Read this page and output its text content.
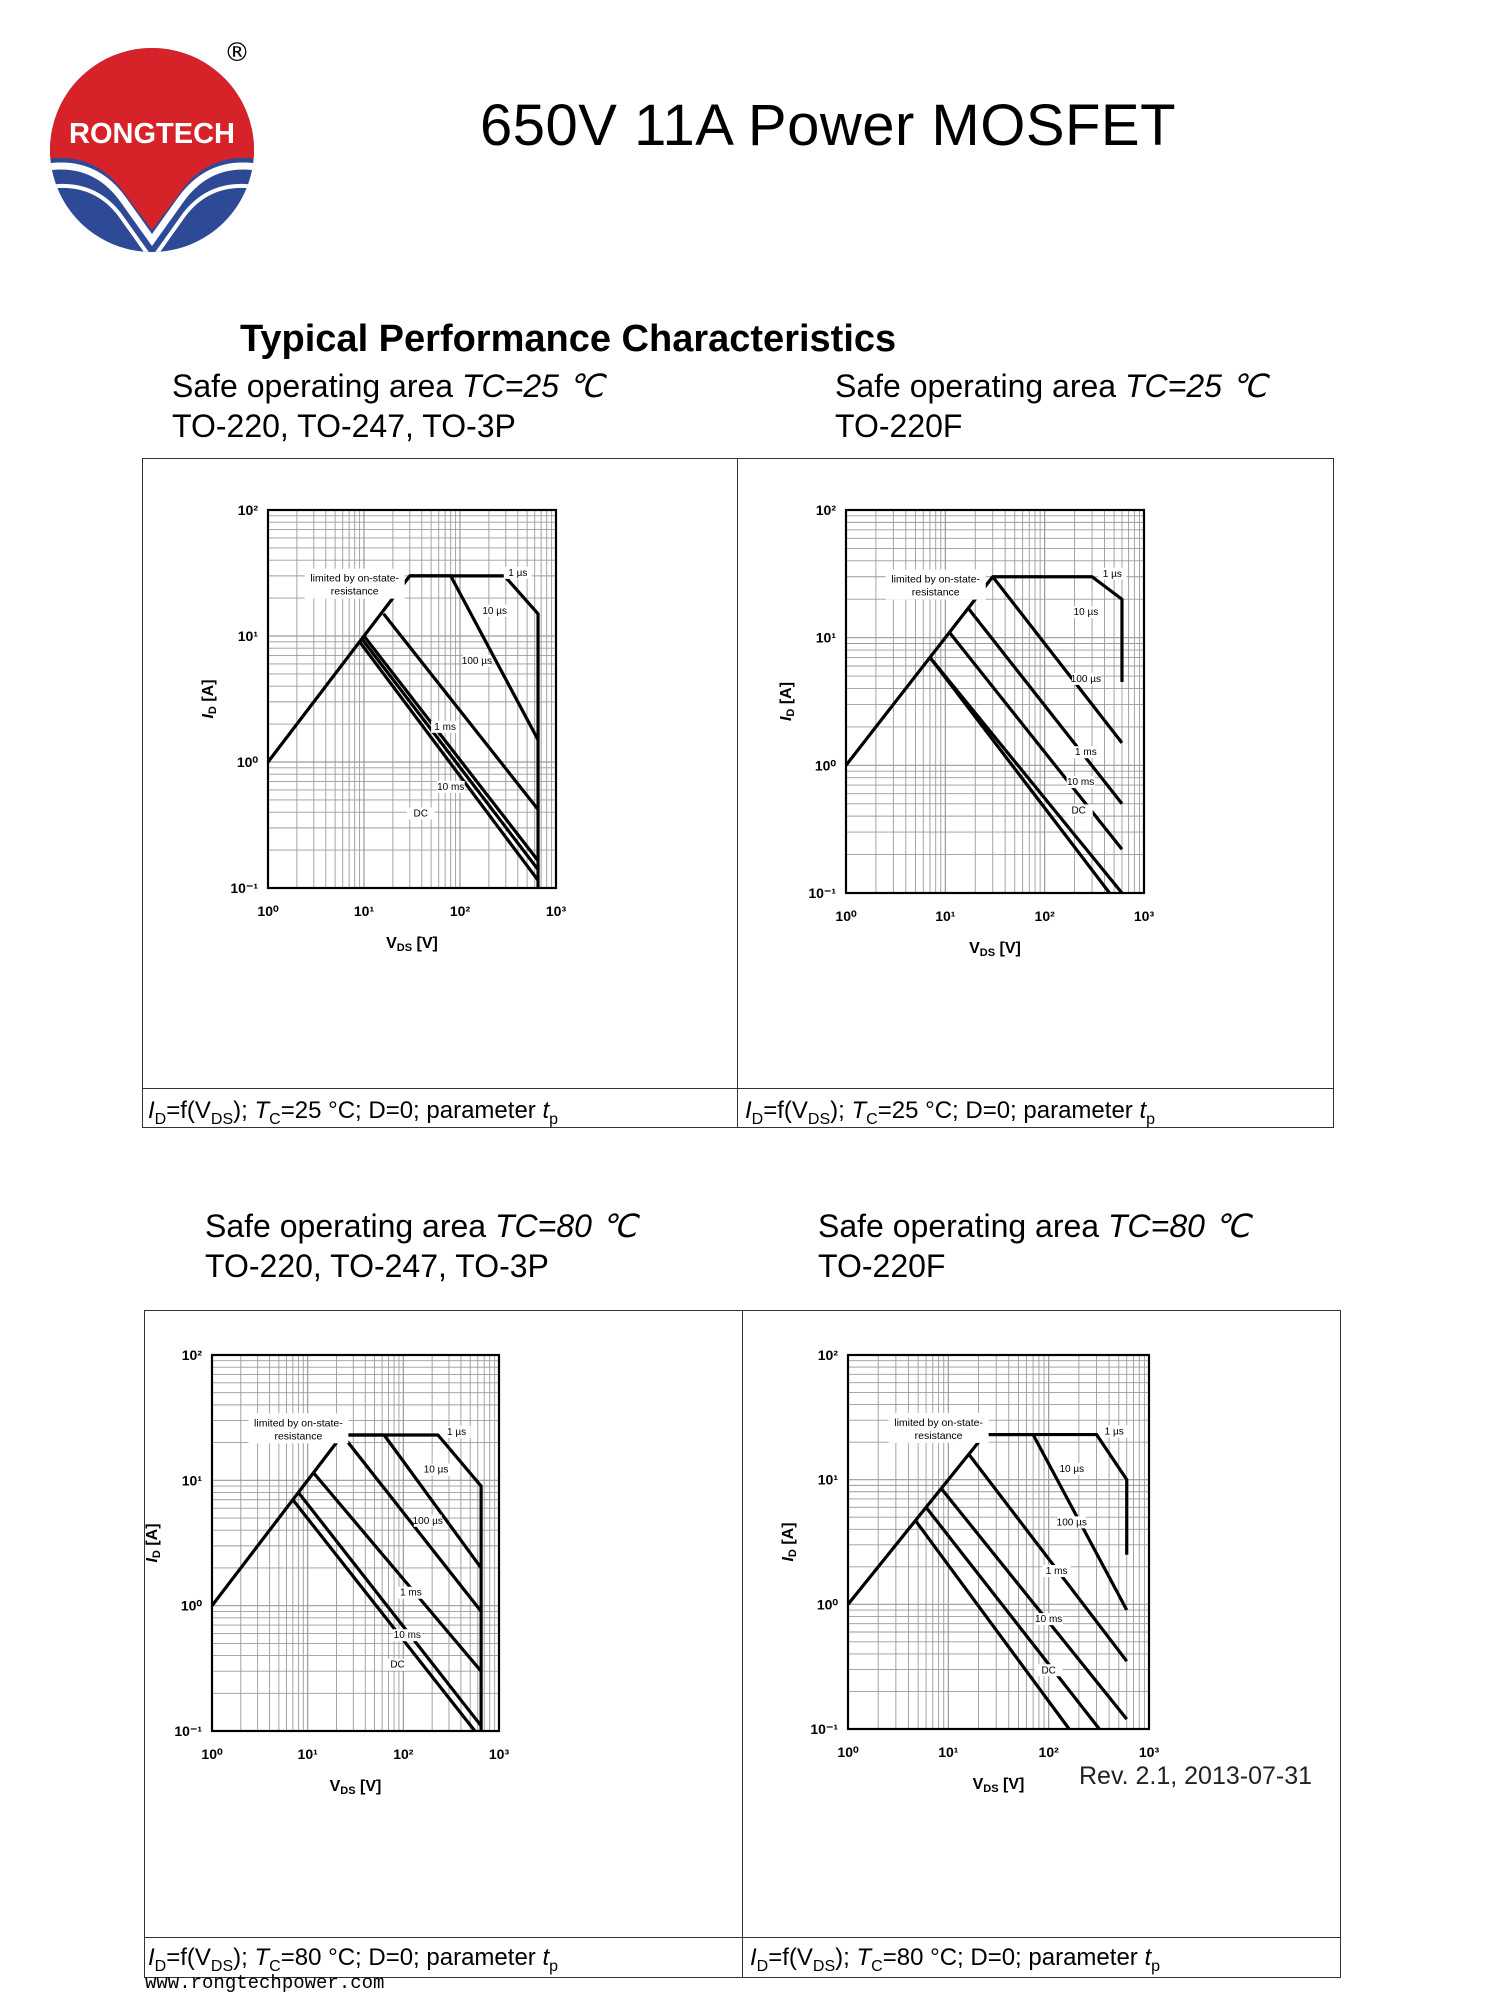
RONGTECH
®
650V 11A Power MOSFET
Typical Performance Characteristics
Safe operating area TC=25 ℃
TO-220, TO-247, TO-3P
Safe operating area TC=25 ℃
TO-220F
Safe operating area TC=80 ℃
TO-220, TO-247, TO-3P
Safe operating area TC=80 ℃
TO-220F
$I_D=f(V_{DS})$; $T_C=25$ °C; D=0; parameter $t_p$	$I_D=f(V_{DS})$; $T_C=25$ °C; D=0; parameter $t_p$
$I_D=f(V_{DS})$; $T_C=80$ °C; D=0; parameter $t_p$	$I_D=f(V_{DS})$; $T_C=80$ °C; D=0; parameter $t_p$
10⁰	10¹	10²	10³
10⁻¹
10⁰
10¹
10²
VDS [V]
ID [A]
1 µs
10 µs
100 µs
1 ms
10 ms
DC
limited by on-state-
resistance
10⁰	10¹	10²	10³
10⁻¹
10⁰
10¹
10²
VDS [V]
ID [A]
1 µs
10 µs
100 µs
1 ms
10 ms
DC
limited by on-state-
resistance
10⁰	10¹	10²	10³
10⁻¹
10⁰
10¹
10²
VDS [V]
ID [A]
1 µs
10 µs
100 µs
1 ms
10 ms
DC
limited by on-state-
resistance
10⁰	10¹	10²	10³
10⁻¹
10⁰
10¹
10²
VDS [V]
ID [A]
1 µs
10 µs
100 µs
1 ms
10 ms
DC
limited by on-state-
resistance
Rev. 2.1, 2013-07-31
www.rongtechpower.com
